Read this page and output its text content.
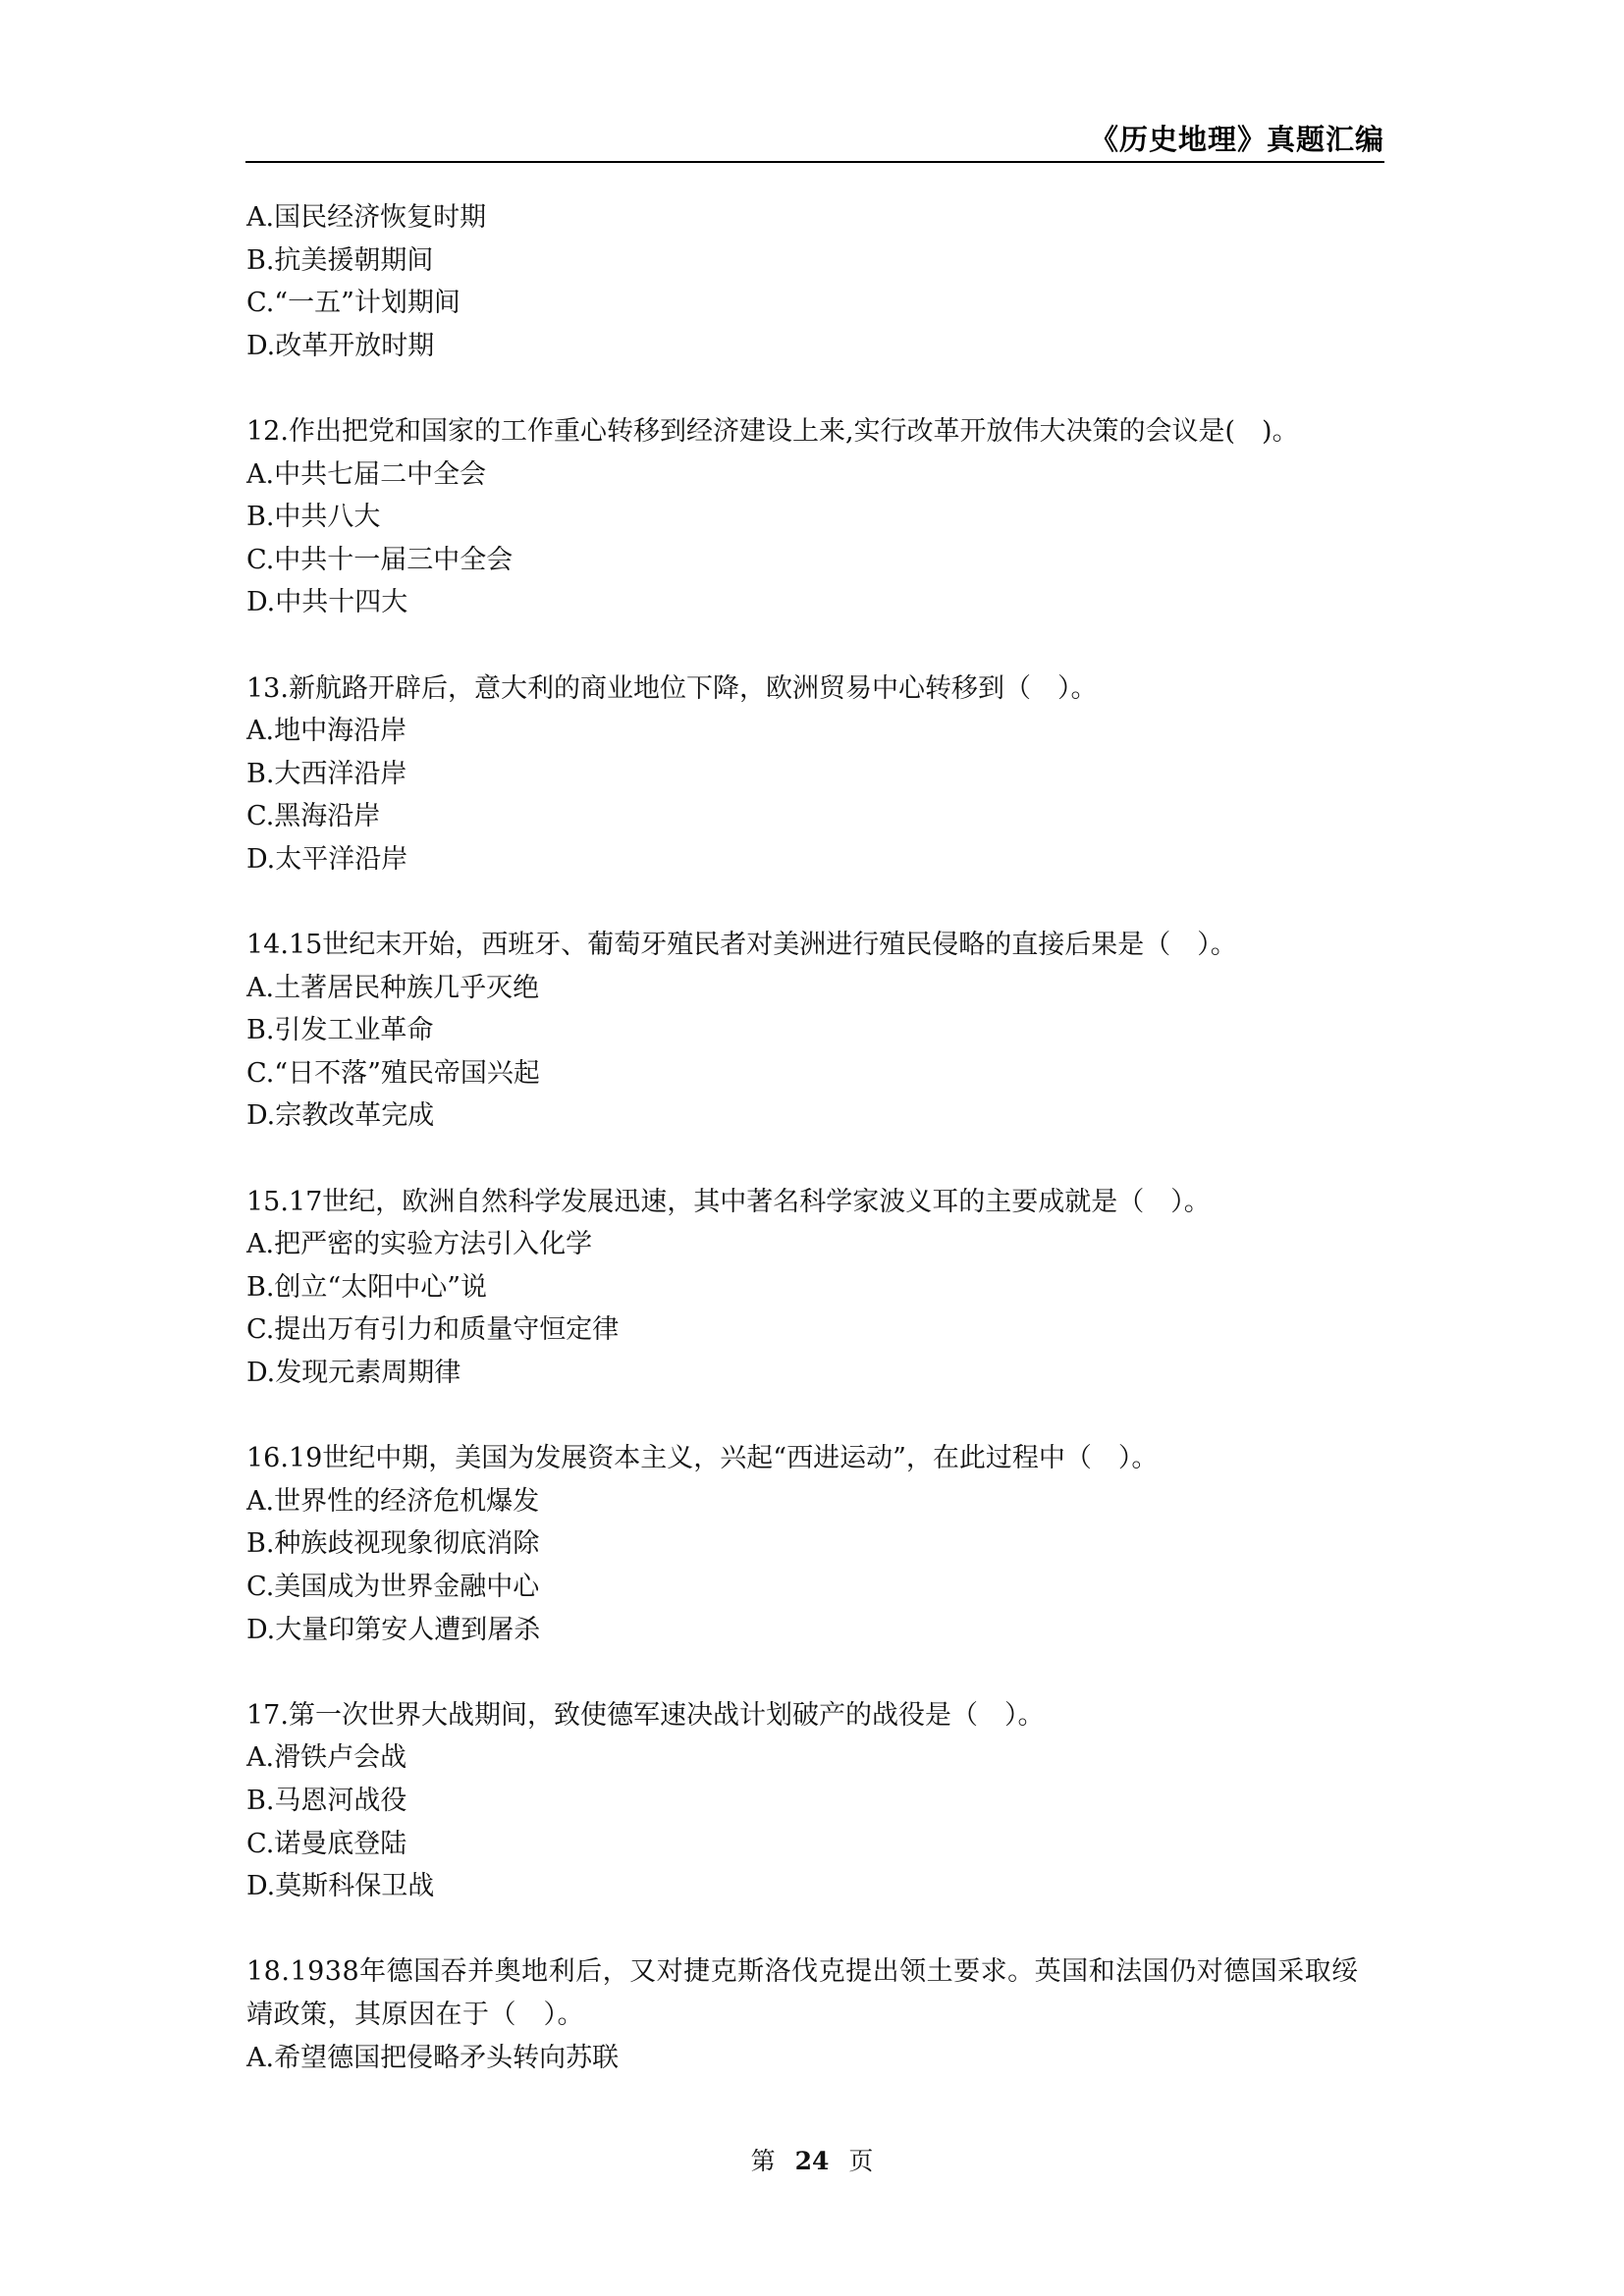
《历史地理》真题汇编
A.国民经济恢复时期
B.抗美援朝期间
C.“一五”计划期间
D.改革开放时期
12.作出把党和国家的工作重心转移到经济建设上来,实行改革开放伟大决策的会议是(　)。
A.中共七届二中全会
B.中共八大
C.中共十一届三中全会
D.中共十四大
13.新航路开辟后，意大利的商业地位下降，欧洲贸易中心转移到（　）。
A.地中海沿岸
B.大西洋沿岸
C.黑海沿岸
D.太平洋沿岸
14.15世纪末开始，西班牙、葡萄牙殖民者对美洲进行殖民侵略的直接后果是（　）。
A.土著居民种族几乎灭绝
B.引发工业革命
C.“日不落”殖民帝国兴起
D.宗教改革完成
15.17世纪，欧洲自然科学发展迅速，其中著名科学家波义耳的主要成就是（　）。
A.把严密的实验方法引入化学
B.创立“太阳中心”说
C.提出万有引力和质量守恒定律
D.发现元素周期律
16.19世纪中期，美国为发展资本主义，兴起“西进运动”，在此过程中（　）。
A.世界性的经济危机爆发
B.种族歧视现象彻底消除
C.美国成为世界金融中心
D.大量印第安人遭到屠杀
17.第一次世界大战期间，致使德军速决战计划破产的战役是（　）。
A.滑铁卢会战
B.马恩河战役
C.诺曼底登陆
D.莫斯科保卫战
18.1938年德国吞并奥地利后，又对捷克斯洛伐克提出领土要求。英国和法国仍对德国采取绥靖政策，其原因在于（　）。
A.希望德国把侵略矛头转向苏联
第 24 页
